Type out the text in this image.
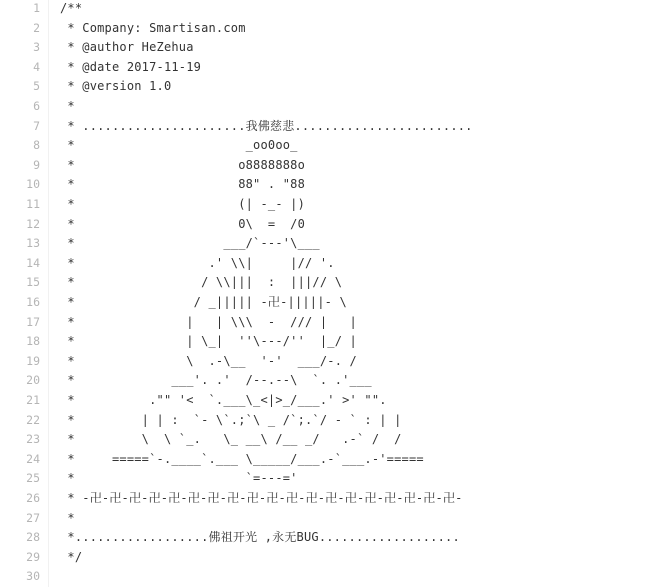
1 /**
2 * Company: Smartisan.com
3 * @author HeZehua
4 * @date 2017-11-19
5 * @version 1.0
6 *
7 * ......................我佛慈悲........................
8 *                       _oo0oo_
9 *                      o8888888o
10 *                      88" . "88
11 *                      (| -_- |)
12 *                      0\  =  /0
13 *                    ___/`---'\___
14 *                  .' \\|     |// '.
15 *                 / \\|||  :  |||// \
16 *                / _||||| -卍-|||||- \
17 *               |   | \\\  -  /// |   |
18 *               | \_|  ''\---/''  |_/ |
19 *               \  .-\__  '-'  ___/-. /
20 *             ___'. .'  /--.--\  `. .'___
21 *          ."" '<  `.___\_<|>_/___.' >' "".
22 *         | | :  `- \`.;`\ _ /`;.`/ - ` : | |
23 *         \  \ `_.   \_ __\ /__ _/   .-` /  /
24 *     =====`-.____`.___ \_____/___.-`___.-'=====
25 *                       `=---='
26 * -卍-卍-卍-卍-卍-卍-卍-卍-卍-卍-卍-卍-卍-卍-卍-卍-卍-卍-卍-
27 *
28 *..................佛祖开光 ,永无BUG...................
29 */
30
